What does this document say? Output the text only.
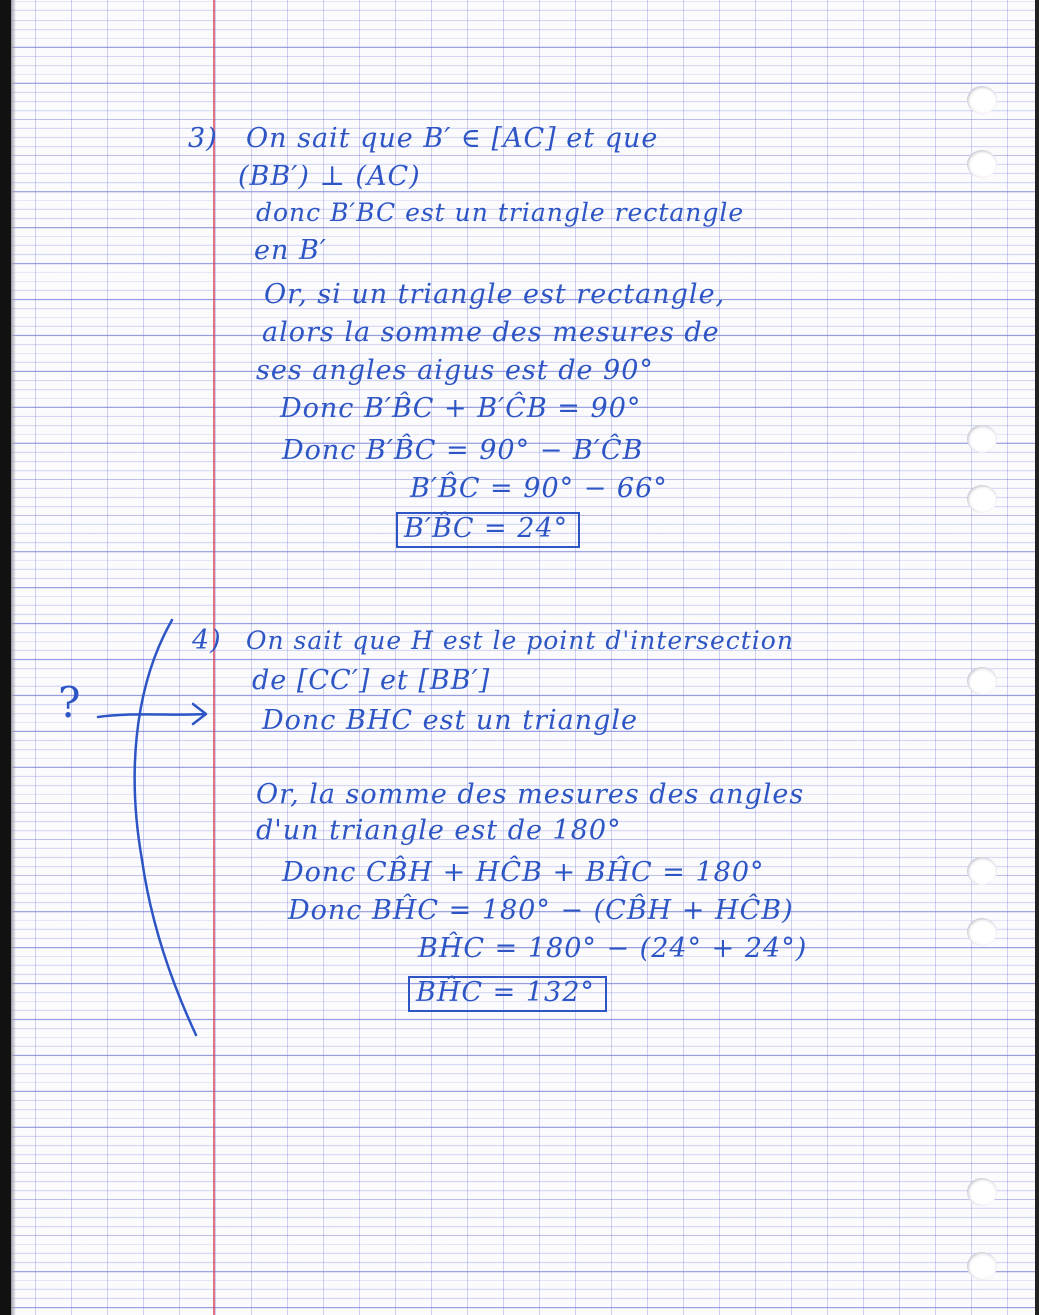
3) On sait que B′ ∈ [AC] et que
(BB′) ⊥ (AC)
donc B′BC est un triangle rectangle
en B′
Or, si un triangle est rectangle,
alors la somme des mesures de
ses angles aigus est de 90°
Donc B′B̂C + B′ĈB = 90°
Donc B′B̂C = 90° − B′ĈB
B′B̂C = 90° − 66°
B′B̂C = 24°
4) On sait que H est le point d'intersection
de [CC′] et [BB′]
Donc BHC est un triangle
Or, la somme des mesures des angles
d'un triangle est de 180°
Donc CB̂H + HĈB + BĤC = 180°
Donc BĤC = 180° − (CB̂H + HĈB)
BĤC = 180° − (24° + 24°)
BĤC = 132°
?
